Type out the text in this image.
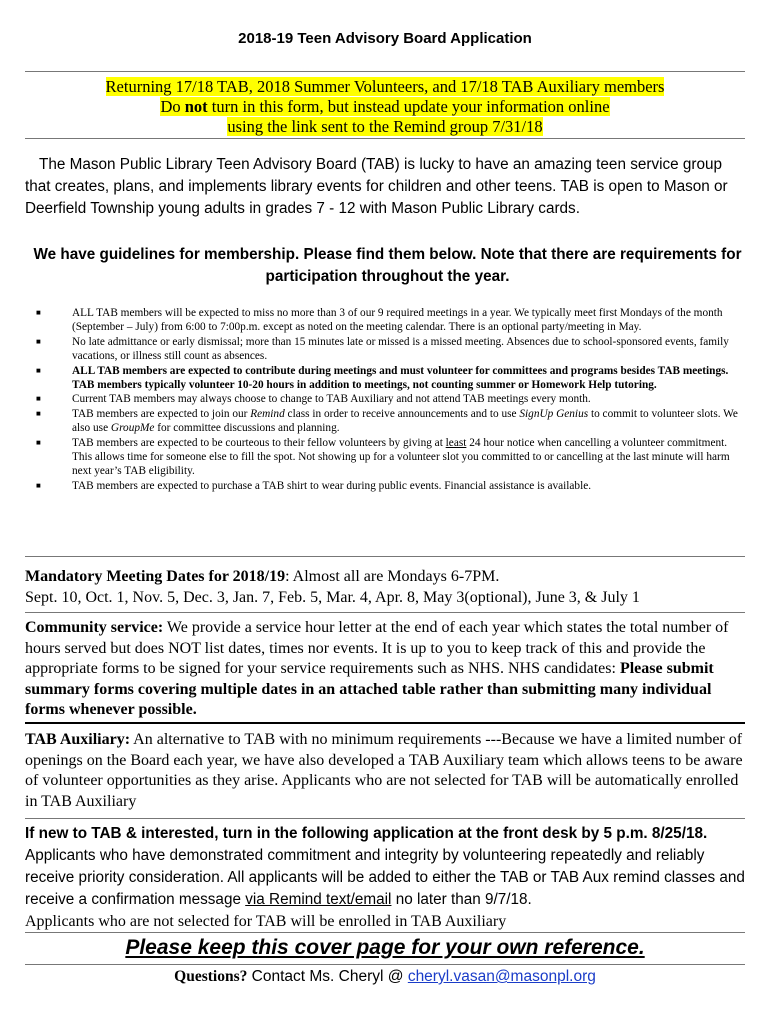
2018-19 Teen Advisory Board Application
Returning 17/18 TAB, 2018 Summer Volunteers, and 17/18 TAB Auxiliary members
Do not turn in this form, but instead update your information online
using the link sent to the Remind group 7/31/18
The Mason Public Library Teen Advisory Board (TAB) is lucky to have an amazing teen service group that creates, plans, and implements library events for children and other teens. TAB is open to Mason or Deerfield Township young adults in grades 7 - 12 with Mason Public Library cards.
We have guidelines for membership. Please find them below. Note that there are requirements for participation throughout the year.
■	ALL TAB members will be expected to miss no more than 3 of our 9 required meetings in a year. We typically meet first Mondays of the month (September – July) from 6:00 to 7:00p.m. except as noted on the meeting calendar. There is an optional party/meeting in May.
■	No late admittance or early dismissal; more than 15 minutes late or missed is a missed meeting. Absences due to school-sponsored events, family vacations, or illness still count as absences.
■	ALL TAB members are expected to contribute during meetings and must volunteer for committees and programs besides TAB meetings. TAB members typically volunteer 10-20 hours in addition to meetings, not counting summer or Homework Help tutoring.
■	Current TAB members may always choose to change to TAB Auxiliary and not attend TAB meetings every month.
■	TAB members are expected to join our Remind class in order to receive announcements and to use SignUp Genius to commit to volunteer slots. We also use GroupMe for committee discussions and planning.
■	TAB members are expected to be courteous to their fellow volunteers by giving at least 24 hour notice when cancelling a volunteer commitment. This allows time for someone else to fill the spot. Not showing up for a volunteer slot you committed to or cancelling at the last minute will harm next year’s TAB eligibility.
■	TAB members are expected to purchase a TAB shirt to wear during public events. Financial assistance is available.
Mandatory Meeting Dates for 2018/19: Almost all are Mondays 6-7PM.
Sept. 10, Oct. 1, Nov. 5, Dec. 3, Jan. 7, Feb. 5, Mar. 4, Apr. 8, May 3(optional), June 3, & July 1
Community service: We provide a service hour letter at the end of each year which states the total number of hours served but does NOT list dates, times nor events. It is up to you to keep track of this and provide the appropriate forms to be signed for your service requirements such as NHS. NHS candidates: Please submit summary forms covering multiple dates in an attached table rather than submitting many individual forms whenever possible.
TAB Auxiliary: An alternative to TAB with no minimum requirements ---Because we have a limited number of openings on the Board each year, we have also developed a TAB Auxiliary team which allows teens to be aware of volunteer opportunities as they arise. Applicants who are not selected for TAB will be automatically enrolled in TAB Auxiliary
If new to TAB & interested, turn in the following application at the front desk by 5 p.m. 8/25/18. Applicants who have demonstrated commitment and integrity by volunteering repeatedly and reliably receive priority consideration. All applicants will be added to either the TAB or TAB Aux remind classes and receive a confirmation message via Remind text/email no later than 9/7/18.
Applicants who are not selected for TAB will be enrolled in TAB Auxiliary
Please keep this cover page for your own reference.
Questions? Contact Ms. Cheryl @ cheryl.vasan@masonpl.org
